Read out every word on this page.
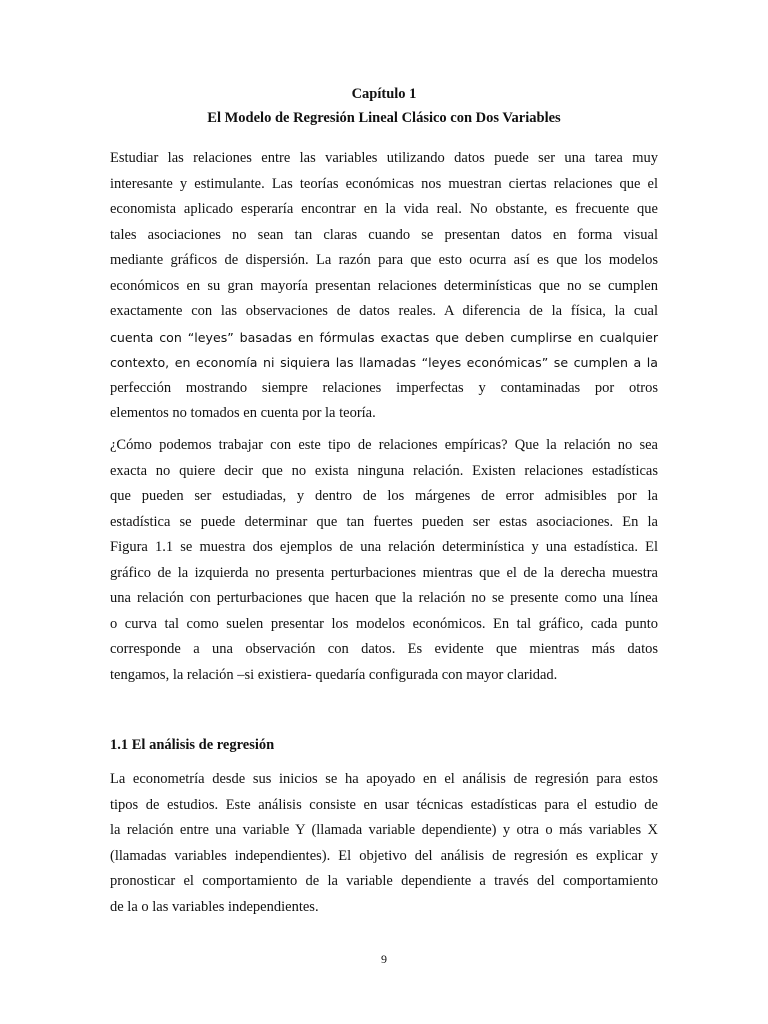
Capítulo 1
El Modelo de Regresión Lineal Clásico con Dos Variables
Estudiar las relaciones entre las variables utilizando datos puede ser una tarea muy
interesante y estimulante. Las teorías económicas nos muestran ciertas relaciones que el
economista aplicado esperaría encontrar en la vida real. No obstante, es frecuente que
tales asociaciones no sean tan claras cuando se presentan datos en forma visual
mediante gráficos de dispersión. La razón para que esto ocurra así es que los modelos
económicos en su gran mayoría presentan relaciones determinísticas que no se cumplen
exactamente con las observaciones de datos reales. A diferencia de la física, la cual
cuenta con “leyes” basadas en fórmulas exactas que deben cumplirse en cualquier
contexto, en economía ni siquiera las llamadas “leyes económicas” se cumplen a la
perfección mostrando siempre relaciones imperfectas y contaminadas por otros
elementos no tomados en cuenta por la teoría.
¿Cómo podemos trabajar con este tipo de relaciones empíricas? Que la relación no sea
exacta no quiere decir que no exista ninguna relación. Existen relaciones estadísticas
que pueden ser estudiadas, y dentro de los márgenes de error admisibles por la
estadística se puede determinar que tan fuertes pueden ser estas asociaciones. En la
Figura 1.1 se muestra dos ejemplos de una relación determinística y una estadística. El
gráfico de la izquierda no presenta perturbaciones mientras que el de la derecha muestra
una relación con perturbaciones que hacen que la relación no se presente como una línea
o curva tal como suelen presentar los modelos económicos. En tal gráfico, cada punto
corresponde a una observación con datos. Es evidente que mientras más datos
tengamos, la relación –si existiera- quedaría configurada con mayor claridad.
1.1 El análisis de regresión
La econometría desde sus inicios se ha apoyado en el análisis de regresión para estos
tipos de estudios. Este análisis consiste en usar técnicas estadísticas para el estudio de
la relación entre una variable Y (llamada variable dependiente) y otra o más variables X
(llamadas variables independientes). El objetivo del análisis de regresión es explicar y
pronosticar el comportamiento de la variable dependiente a través del comportamiento
de la o las variables independientes.
9
